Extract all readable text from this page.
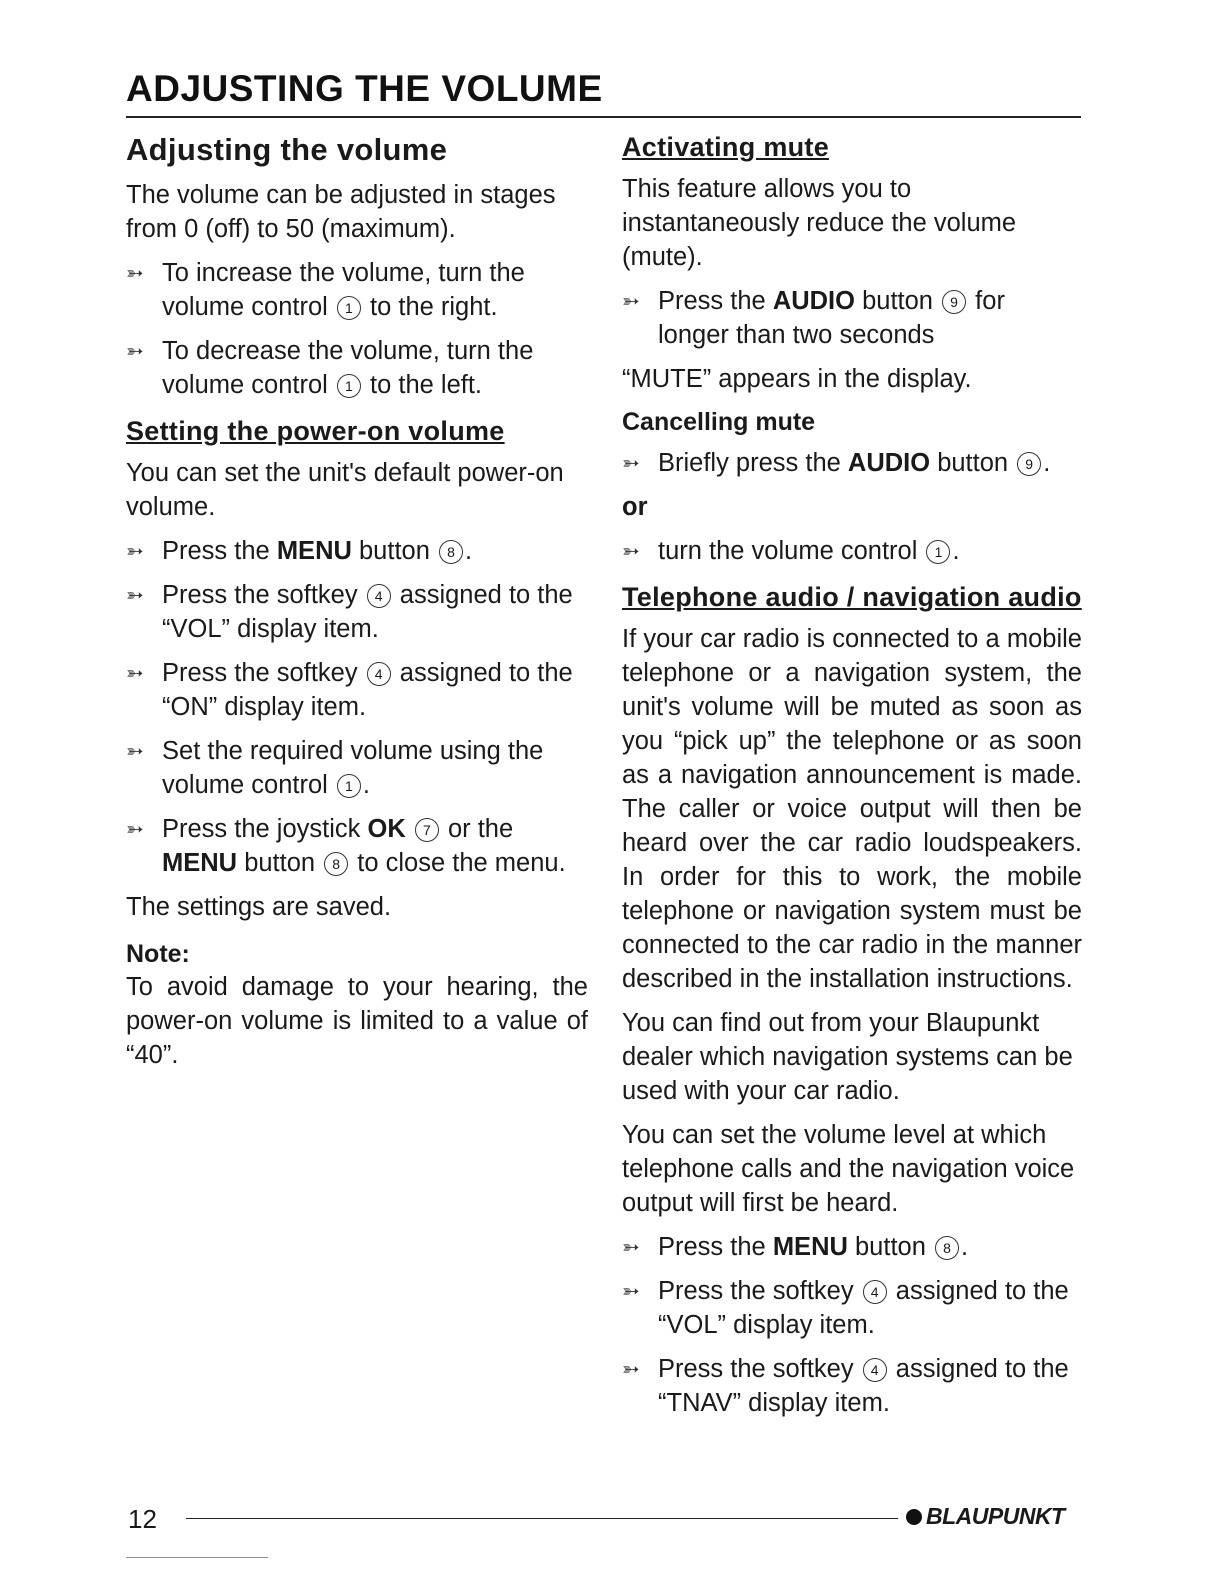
ADJUSTING THE VOLUME
Adjusting the volume

The volume can be adjusted in stages from 0 (off) to 50 (maximum).

➳ To increase the volume, turn the volume control 1 to the right.
➳ To decrease the volume, turn the volume control 1 to the left.
Setting the power-on volume

You can set the unit's default power-on volume.

➳ Press the MENU button 8 .
➳ Press the softkey 4 assigned to the “VOL” display item.
➳ Press the softkey 4 assigned to the “ON” display item.
➳ Set the required volume using the volume control 1 .
➳ Press the joystick OK 7 or the MENU button 8 to close the menu.

The settings are saved.

Note:

To avoid damage to your hearing, the power-on volume is limited to a value of “40”.

Activating mute

This feature allows you to instantaneously reduce the volume (mute).

➳ Press the AUDIO button 9 for longer than two seconds

“MUTE” appears in the display.

Cancelling mute
➳ Briefly press the AUDIO button 9 .
or
➳ turn the volume control 1 .
Telephone audio / navigation audio

If your car radio is connected to a mobile telephone or a navigation system, the unit's volume will be muted as soon as you “pick up” the telephone or as soon as a navigation announcement is made. The caller or voice output will then be heard over the car radio loudspeakers. In order for this to work, the mobile telephone or navigation system must be connected to the car radio in the manner described in the installation instructions.

You can find out from your Blaupunkt dealer which navigation systems can be used with your car radio.

You can set the volume level at which telephone calls and the navigation voice output will first be heard.

➳ Press the MENU button 8 .
➳ Press the softkey 4 assigned to the “VOL” display item.
➳ Press the softkey 4 assigned to the “TNAV” display item.
12	BLAUPUNKT
